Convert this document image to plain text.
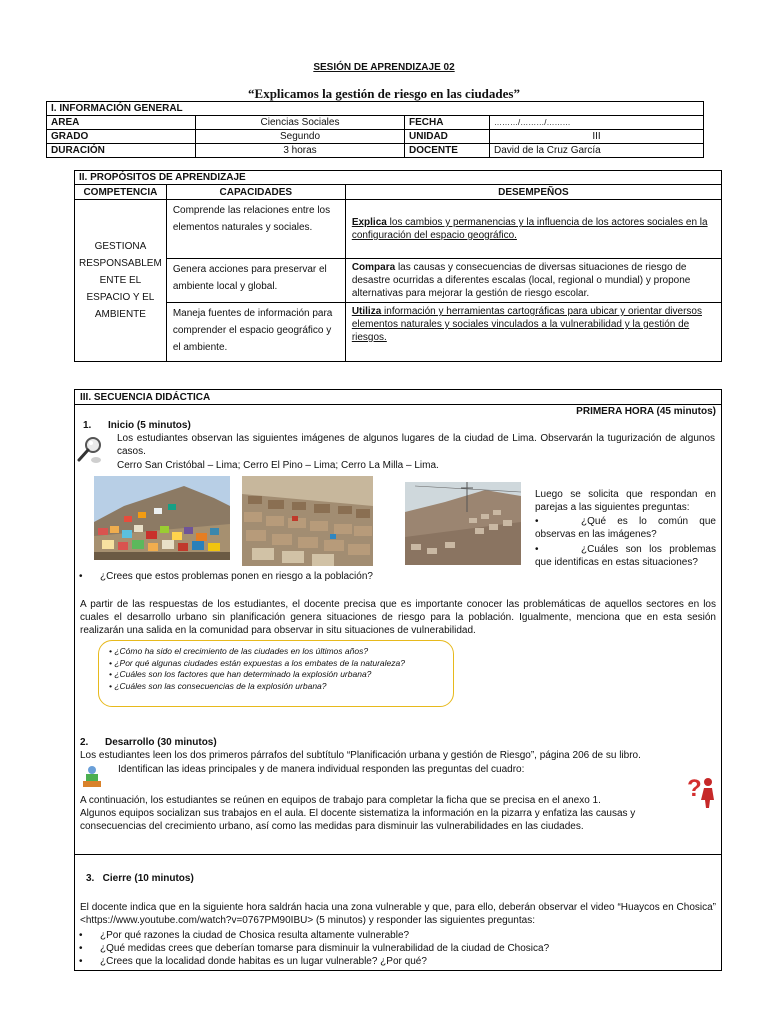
SESIÓN DE APRENDIZAJE 02
“Explicamos la gestión de riesgo en las ciudades”
I. INFORMACIÓN GENERAL			
AREA	Ciencias Sociales	FECHA	………/………/………
GRADO	Segundo	UNIDAD	III
DURACIÓN	3 horas	DOCENTE	David de la Cruz García
II. PROPÓSITOS DE APRENDIZAJE		
COMPETENCIA	CAPACIDADES	DESEMPEÑOS

GESTIONA
RESPONSABLEM
ENTE EL
ESPACIO Y EL
AMBIENTE	Comprende las relaciones entre los elementos naturales y sociales.	Explica los cambios y permanencias y la influencia de los actores sociales en la configuración del espacio geográfico.
	Genera acciones para preservar el ambiente local y global.	Compara las causas y consecuencias de diversas situaciones de riesgo de desastre ocurridas a diferentes escalas (local, regional o mundial) y propone alternativas para mejorar la gestión de riesgo escolar.
	Maneja fuentes de información para comprender el espacio geográfico y el ambiente.	Utiliza información y herramientas cartográficas para ubicar y orientar diversos elementos naturales y sociales vinculados a la vulnerabilidad y la gestión de riesgos.
III. SECUENCIA DIDÁCTICA
PRIMERA HORA (45 minutos)
1.      Inicio (5 minutos)
Los estudiantes observan las siguientes imágenes de algunos lugares de la ciudad de Lima. Observarán la tugurización de algunos casos.
Cerro San Cristóbal – Lima; Cerro El Pino – Lima; Cerro La Milla – Lima.
Luego se solicita que respondan en parejas a las siguientes preguntas:
•	¿Qué es lo común que observas en las imágenes?
•	¿Cuáles son los problemas que identificas en estas situaciones?
• ¿Crees que estos problemas ponen en riesgo a la población?
A partir de las respuestas de los estudiantes, el docente precisa que es importante conocer las problemáticas de aquellos sectores en los cuales el desarrollo urbano sin planificación genera situaciones de riesgo para la población. Igualmente, menciona que en esta sesión realizarán una salida en la comunidad para observar in situ situaciones de vulnerabilidad.
• ¿Cómo ha sido el crecimiento de las ciudades en los últimos años?
• ¿Por qué algunas ciudades están expuestas a los embates de la naturaleza?
• ¿Cuáles son los factores que han determinado la explosión urbana?
• ¿Cuáles son las consecuencias de la explosión urbana?
2.      Desarrollo (30 minutos)
Los estudiantes leen los dos primeros párrafos del subtítulo “Planificación urbana y gestión de Riesgo”, página 206 de su libro.
Identifican las ideas principales y de manera individual responden las preguntas del cuadro:
?
A continuación, los estudiantes se reúnen en equipos de trabajo para completar la ficha que se precisa en el anexo 1.
Algunos equipos socializan sus trabajos en el aula. El docente sistematiza la información en la pizarra y enfatiza las causas y consecuencias del crecimiento urbano, así como las medidas para disminuir las vulnerabilidades en las ciudades.
3.   Cierre (10 minutos)
El docente indica que en la siguiente hora saldrán hacia una zona vulnerable y que, para ello, deberán observar el video “Huaycos en Chosica” <https://www.youtube.com/watch?v=0767PM90IBU> (5 minutos) y responder las siguientes preguntas:
• ¿Por qué razones la ciudad de Chosica resulta altamente vulnerable?
• ¿Qué medidas crees que deberían tomarse para disminuir la vulnerabilidad de la ciudad de Chosica?
• ¿Crees que la localidad donde habitas es un lugar vulnerable? ¿Por qué?
